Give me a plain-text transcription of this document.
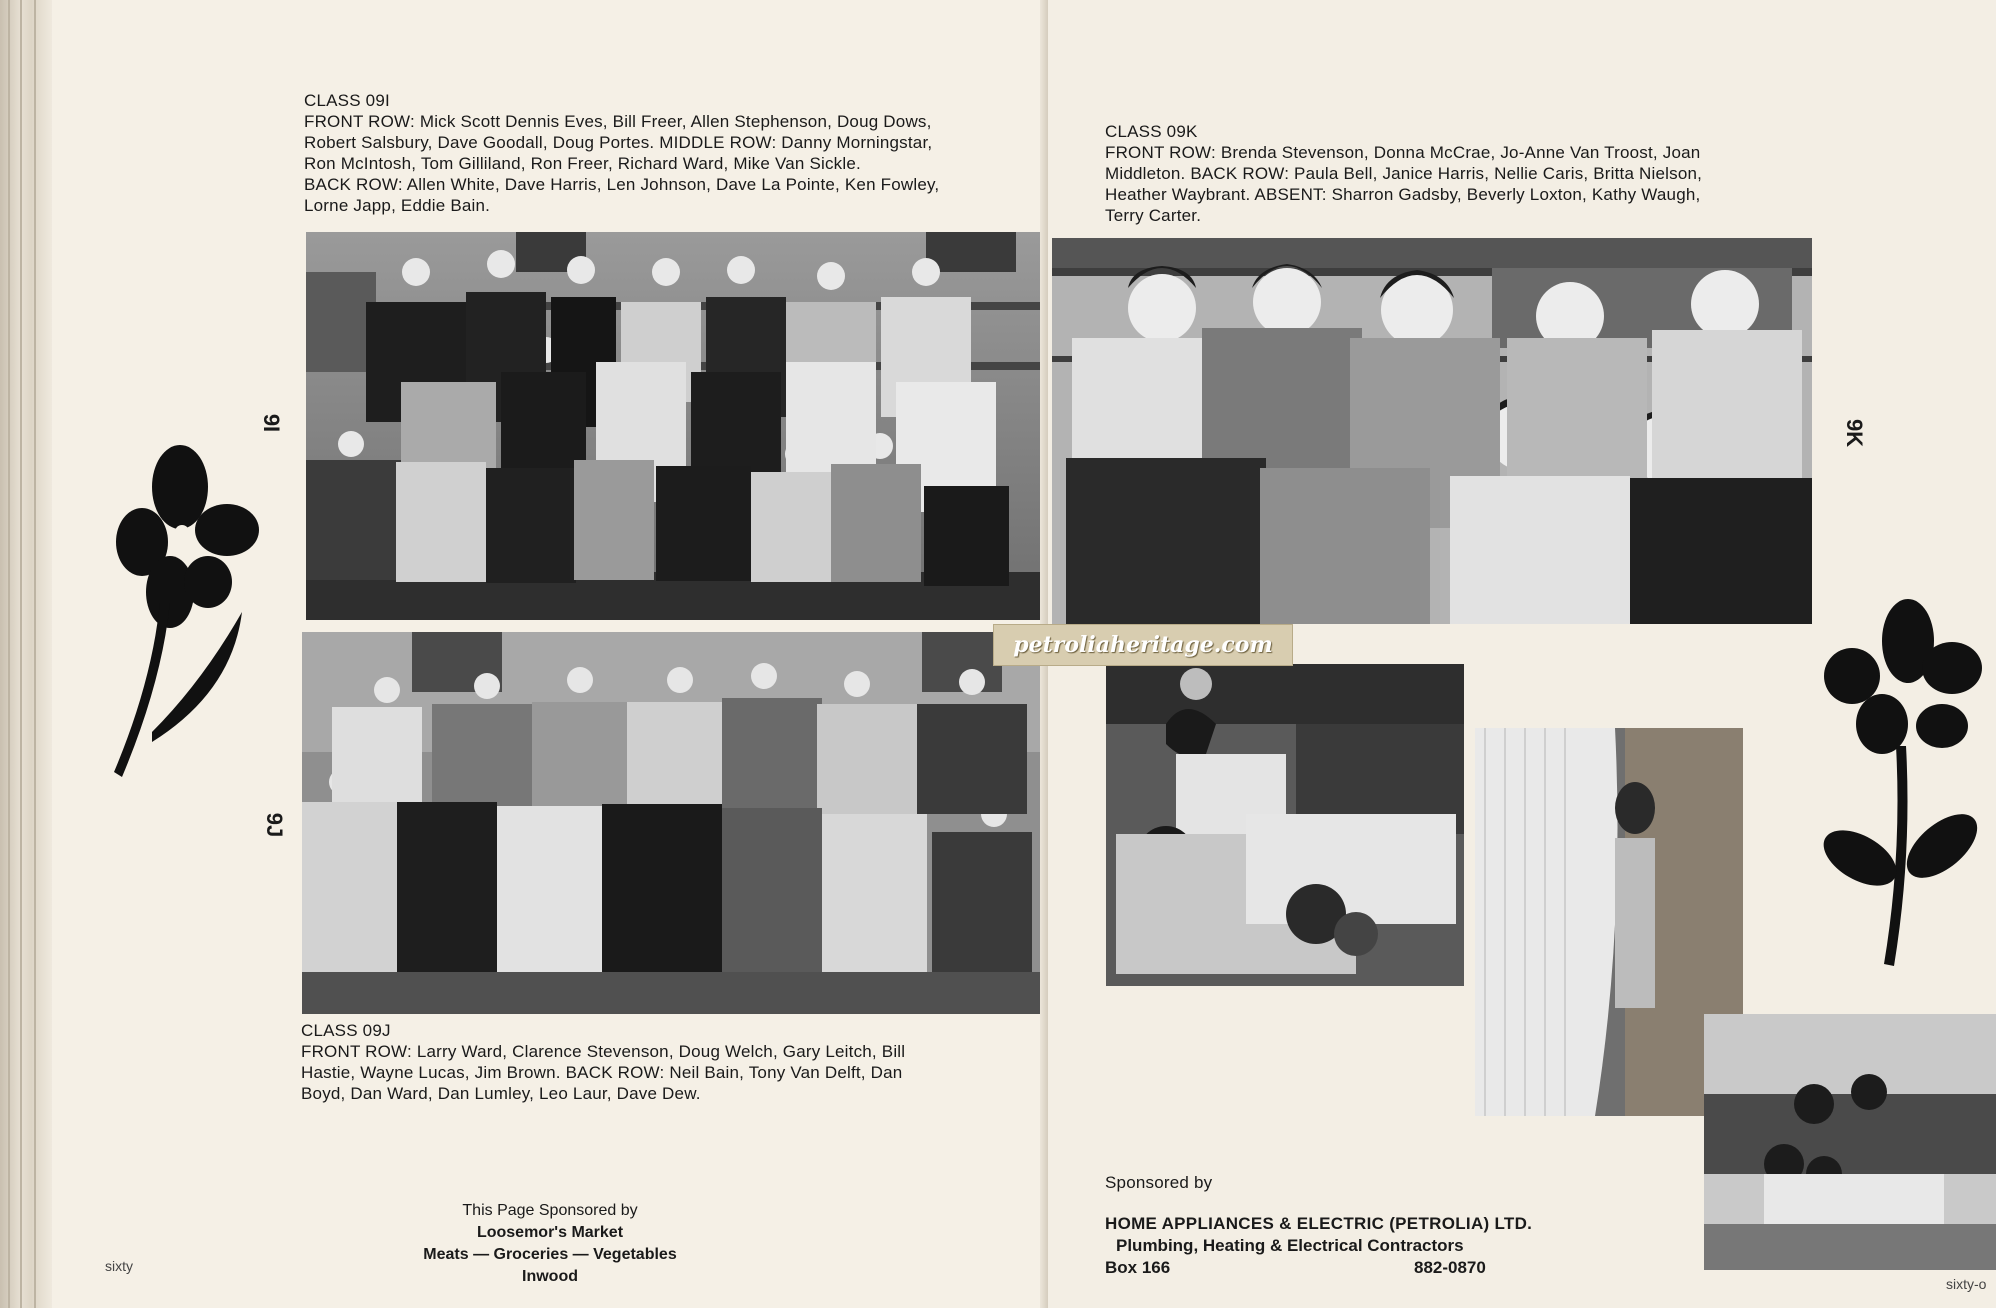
CLASS 09I

FRONT ROW: Mick Scott Dennis Eves, Bill Freer, Allen Stephenson, Doug Dows,

Robert Salsbury, Dave Goodall, Doug Portes. MIDDLE ROW: Danny Morningstar,

Ron McIntosh, Tom Gilliland, Ron Freer, Richard Ward, Mike Van Sickle.

BACK ROW: Allen White, Dave Harris, Len Johnson, Dave La Pointe, Ken Fowley,

Lorne Japp, Eddie Bain.

9I
9J

CLASS 09J

FRONT ROW: Larry Ward, Clarence Stevenson, Doug Welch, Gary Leitch, Bill

Hastie, Wayne Lucas, Jim Brown. BACK ROW: Neil Bain, Tony Van Delft, Dan

Boyd, Dan Ward, Dan Lumley, Leo Laur, Dave Dew.

This Page Sponsored by
Loosemor's Market
Meats — Groceries — Vegetables
Inwood
sixty

CLASS 09K

FRONT ROW: Brenda Stevenson, Donna McCrae, Jo-Anne Van Troost, Joan

Middleton. BACK ROW: Paula Bell, Janice Harris, Nellie Caris, Britta Nielson,

Heather Waybrant. ABSENT: Sharron Gadsby, Beverly Loxton, Kathy Waugh,

Terry Carter.

9K
Sponsored by
HOME APPLIANCES & ELECTRIC (PETROLIA) LTD.
Plumbing, Heating & Electrical Contractors
Box 166	882-0870
sixty-o
petroliaheritage.com
